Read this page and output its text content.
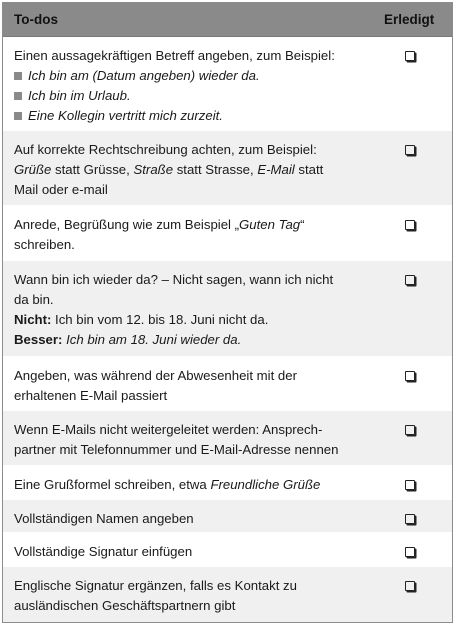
To-dos	Erledigt
Einen aussagekräftigen Betreff angeben, zum Beispiel:
Ich bin am (Datum angeben) wieder da.
Ich bin im Urlaub.
Eine Kollegin vertritt mich zurzeit.
Auf korrekte Rechtschreibung achten, zum Beispiel:
Grüße statt Grüsse, Straße statt Strasse, E-Mail statt
Mail oder e-mail
Anrede, Begrüßung wie zum Beispiel „Guten Tag“
schreiben.
Wann bin ich wieder da? – Nicht sagen, wann ich nicht
da bin.
Nicht: Ich bin vom 12. bis 18. Juni nicht da.
Besser: Ich bin am 18. Juni wieder da.
Angeben, was während der Abwesenheit mit der
erhaltenen E-Mail passiert
Wenn E-Mails nicht weitergeleitet werden: Ansprech-
partner mit Telefonnummer und E-Mail-Adresse nennen
Eine Grußformel schreiben, etwa Freundliche Grüße
Vollständigen Namen angeben
Vollständige Signatur einfügen
Englische Signatur ergänzen, falls es Kontakt zu
ausländischen Geschäftspartnern gibt
